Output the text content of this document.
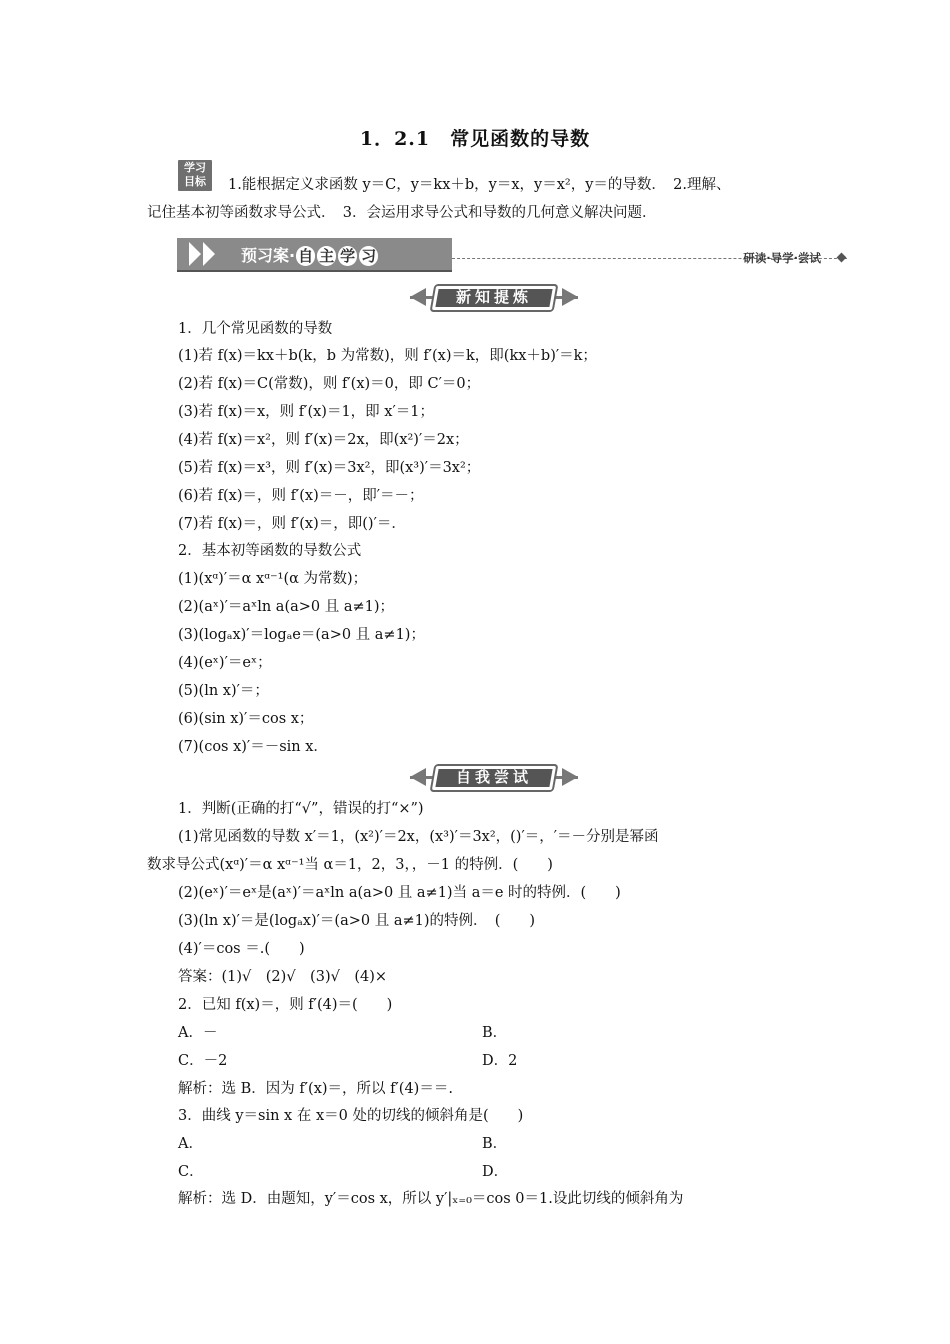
1．2.1　常见函数的导数
学习
目标	1.能根据定义求函数 y＝C，y＝kx＋b，y＝x，y＝x²，y＝的导数．　2.理解、
记住基本初等函数求导公式．　3．会运用求导公式和导数的几何意义解决问题．
预习案· 自 主 学 习	研读·导学·尝试
新知提炼
1．几个常见函数的导数
(1)若 f(x)＝kx＋b(k，b 为常数)，则 f′(x)＝k，即(kx＋b)′＝k；
(2)若 f(x)＝C(常数)，则 f′(x)＝0，即 C′＝0；
(3)若 f(x)＝x，则 f′(x)＝1，即 x′＝1；
(4)若 f(x)＝x²，则 f′(x)＝2x，即(x²)′＝2x；
(5)若 f(x)＝x³，则 f′(x)＝3x²，即(x³)′＝3x²；
(6)若 f(x)＝，则 f′(x)＝－，即′＝－；
(7)若 f(x)＝，则 f′(x)＝，即()′＝．
2．基本初等函数的导数公式
(1)(xᵅ)′＝α xᵅ⁻¹(α 为常数)；
(2)(aˣ)′＝aˣln a(a>0 且 a≠1)；
(3)(logₐx)′＝logₐe＝(a>0 且 a≠1)；
(4)(eˣ)′＝eˣ；
(5)(ln x)′＝；
(6)(sin x)′＝cos x；
(7)(cos x)′＝－sin x．
自我尝试
1．判断(正确的打“√”，错误的打“×”)
(1)常见函数的导数 x′＝1，(x²)′＝2x，(x³)′＝3x²，()′＝，′＝－分别是幂函
数求导公式(xᵅ)′＝α xᵅ⁻¹当 α＝1，2，3，，－1 的特例．(　　)
(2)(eˣ)′＝eˣ是(aˣ)′＝aˣln a(a>0 且 a≠1)当 a＝e 时的特例．(　　)
(3)(ln x)′＝是(logₐx)′＝(a>0 且 a≠1)的特例．　(　　)
(4)′＝cos ＝.(　　)
答案：(1)√　(2)√　(3)√　(4)×
2．已知 f(x)＝，则 f′(4)＝(　　)
A．－	B．
C．－2	D．2
解析：选 B．因为 f′(x)＝，所以 f′(4)＝＝.
3．曲线 y＝sin x 在 x＝0 处的切线的倾斜角是(　　)
A．	B．
C．	D．
解析：选 D．由题知，y′＝cos x，所以 y′|ₓ₌₀＝cos 0＝1.设此切线的倾斜角为
